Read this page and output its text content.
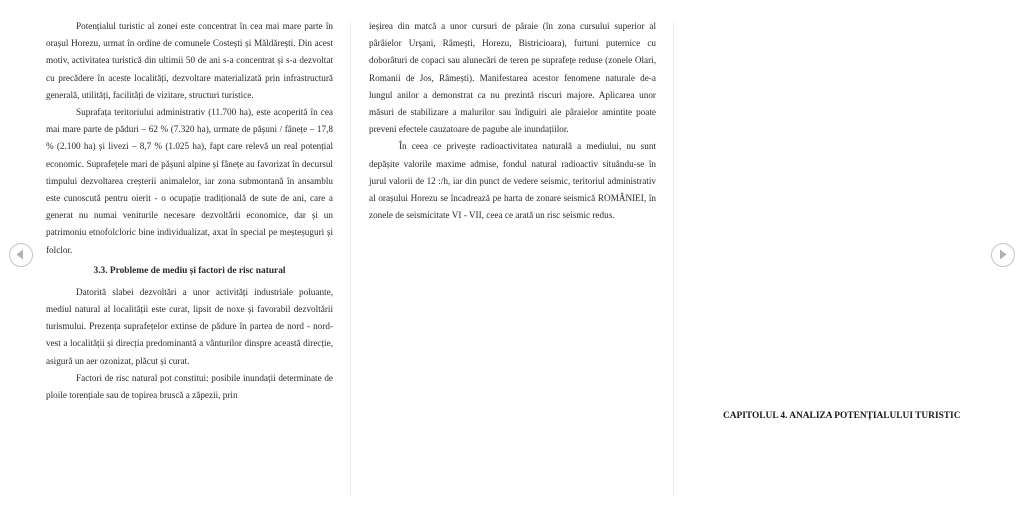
Potențialul turistic al zonei este concentrat în cea mai mare parte în orașul Horezu, urmat în ordine de comunele Costești și Măldărești. Din acest motiv, activitatea turistică din ultimii 50 de ani s-a concentrat și s-a dezvoltat cu precădere în aceste localități, dezvoltare materializată prin infrastructură generală, utilități, facilități de vizitare, structuri turistice.

Suprafața teritoriului administrativ (11.700 ha), este acoperită în cea mai mare parte de păduri – 62 % (7.320 ha), urmate de pășuni / fânețe – 17,8 % (2.100 ha) și livezi – 8,7 % (1.025 ha), fapt care relevă un real potențial economic. Suprafețele mari de pășuni alpine și fânețe au favorizat în decursul timpului dezvoltarea creșterii animalelor, iar zona submontană în ansamblu este cunoscută pentru oierit - o ocupație tradițională de sute de ani, care a generat nu numai veniturile necesare dezvoltării economice, dar și un patrimoniu etnofolcloric bine individualizat, axat în special pe meșteșuguri și folclor.

3.3. Probleme de mediu și factori de risc natural

Datorită slabei dezvoltări a unor activități industriale poluante, mediul natural al localității este curat, lipsit de noxe și favorabil dezvoltării turismului. Prezența suprafețelor extinse de pădure în partea de nord - nord-vest a localității și direcția predominantă a vânturilor dinspre această direcție, asigură un aer ozonizat, plăcut și curat.

Factori de risc natural pot constitui: posibile inundații determinate de ploile torențiale sau de topirea bruscă a zăpezii, prin

ieșirea din matcă a unor cursuri de păraie (în zona cursului superior al pârâielor Urșani, Râmești, Horezu, Bistricioara), furtuni puternice cu doborâturi de copaci sau alunecări de teren pe suprafețe reduse (zonele Olari, Romanii de Jos, Râmești). Manifestarea acestor fenomene naturale de-a lungul anilor a demonstrat ca nu prezintă riscuri majore. Aplicarea unor măsuri de stabilizare a malurilor sau îndiguiri ale pâraielor amintite poate preveni efectele cauzatoare de pagube ale inundațiilor.

În ceea ce privește radioactivitatea naturală a mediului, nu sunt depășite valorile maxime admise, fondul natural radioactiv situându-se în jurul valorii de 12 :/h, iar din punct de vedere seismic, teritoriul administrativ al orașului Horezu se încadrează pe harta de zonare seismică ROMÂNIEI, în zonele de seismicitate VI - VII, ceea ce arată un risc seismic redus.

CAPITOLUL 4. ANALIZA POTENȚIALULUI TURISTIC
